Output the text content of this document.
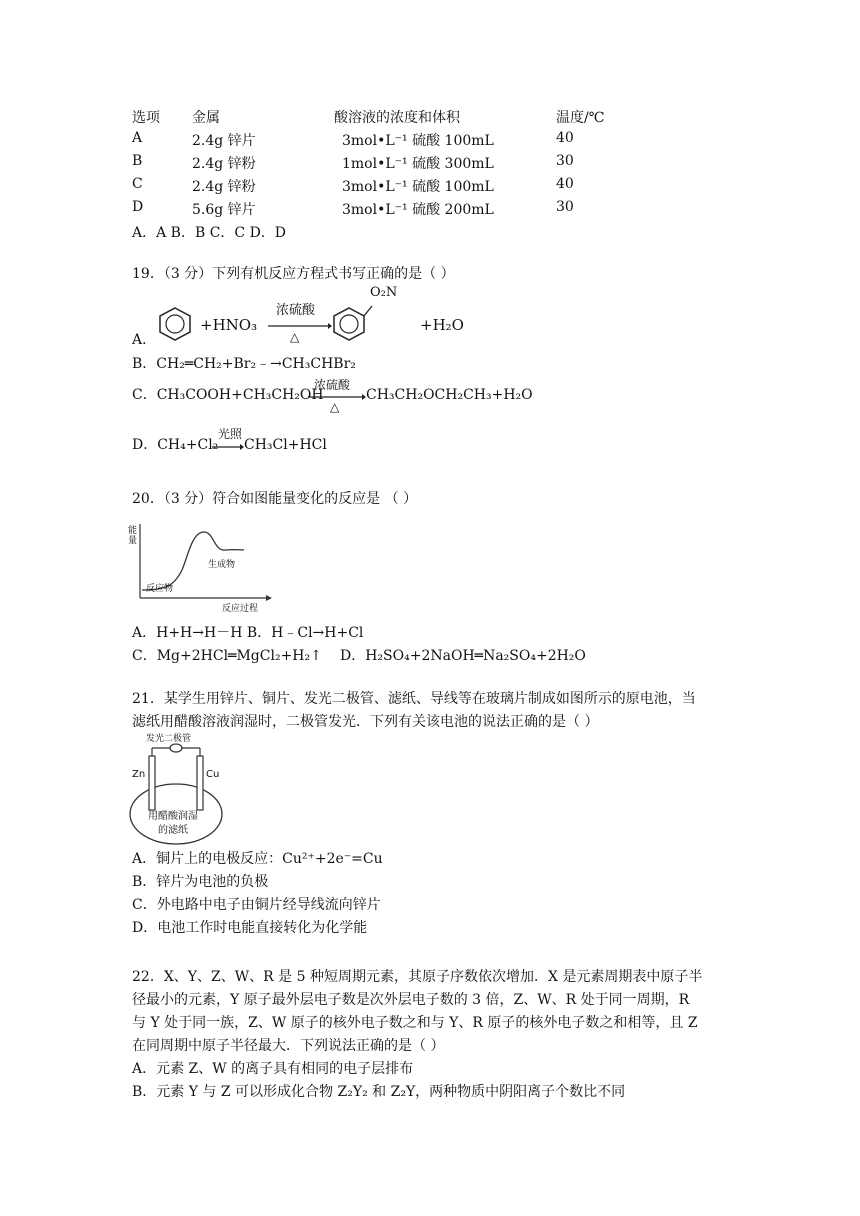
选项 金属	酸溶液的浓度和体积	温度/℃
A	2.4g 锌片	3mol•L⁻¹ 硫酸 100mL	40
B	2.4g 锌粉	1mol•L⁻¹ 硫酸 300mL	30
C	2.4g 锌粉	3mol•L⁻¹ 硫酸 100mL	40
D	5.6g 锌片	3mol•L⁻¹ 硫酸 200mL	30
A．A B．B C．C D．D
19．（3 分）下列有机反应方程式书写正确的是（ ）
A．
+HNO₃
浓硫酸
△
O₂N
+H₂O
B．CH₂═CH₂+Br₂﹣→CH₃CHBr₂
C．CH₃COOH+CH₃CH₂OH
浓硫酸
△
CH₃CH₂OCH₂CH₃+H₂O
D．CH₄+Cl₂
光照
→ CH₃Cl+HCl
20．（3 分）符合如图能量变化的反应是 （ ）
能量
生成物
反应物
反应过程
A．H+H→H－H B．H﹣Cl→H+Cl
C．Mg+2HCl═MgCl₂+H₂↑ D．H₂SO₄+2NaOH═Na₂SO₄+2H₂O
21．某学生用锌片、铜片、发光二极管、滤纸、导线等在玻璃片制成如图所示的原电池，当
滤纸用醋酸溶液润湿时，二极管发光．下列有关该电池的说法正确的是（ ）
发光二极管
Zn	Cu
用醋酸润湿
的滤纸
A．铜片上的电极反应：Cu²⁺+2e⁻=Cu
B．锌片为电池的负极
C．外电路中电子由铜片经导线流向锌片
D．电池工作时电能直接转化为化学能
22．X、Y、Z、W、R 是 5 种短周期元素，其原子序数依次增加．X 是元素周期表中原子半
径最小的元素，Y 原子最外层电子数是次外层电子数的 3 倍，Z、W、R 处于同一周期，R
与 Y 处于同一族，Z、W 原子的核外电子数之和与 Y、R 原子的核外电子数之和相等，且 Z
在同周期中原子半径最大．下列说法正确的是（ ）
A．元素 Z、W 的离子具有相同的电子层排布
B．元素 Y 与 Z 可以形成化合物 Z₂Y₂ 和 Z₂Y，两种物质中阴阳离子个数比不同
